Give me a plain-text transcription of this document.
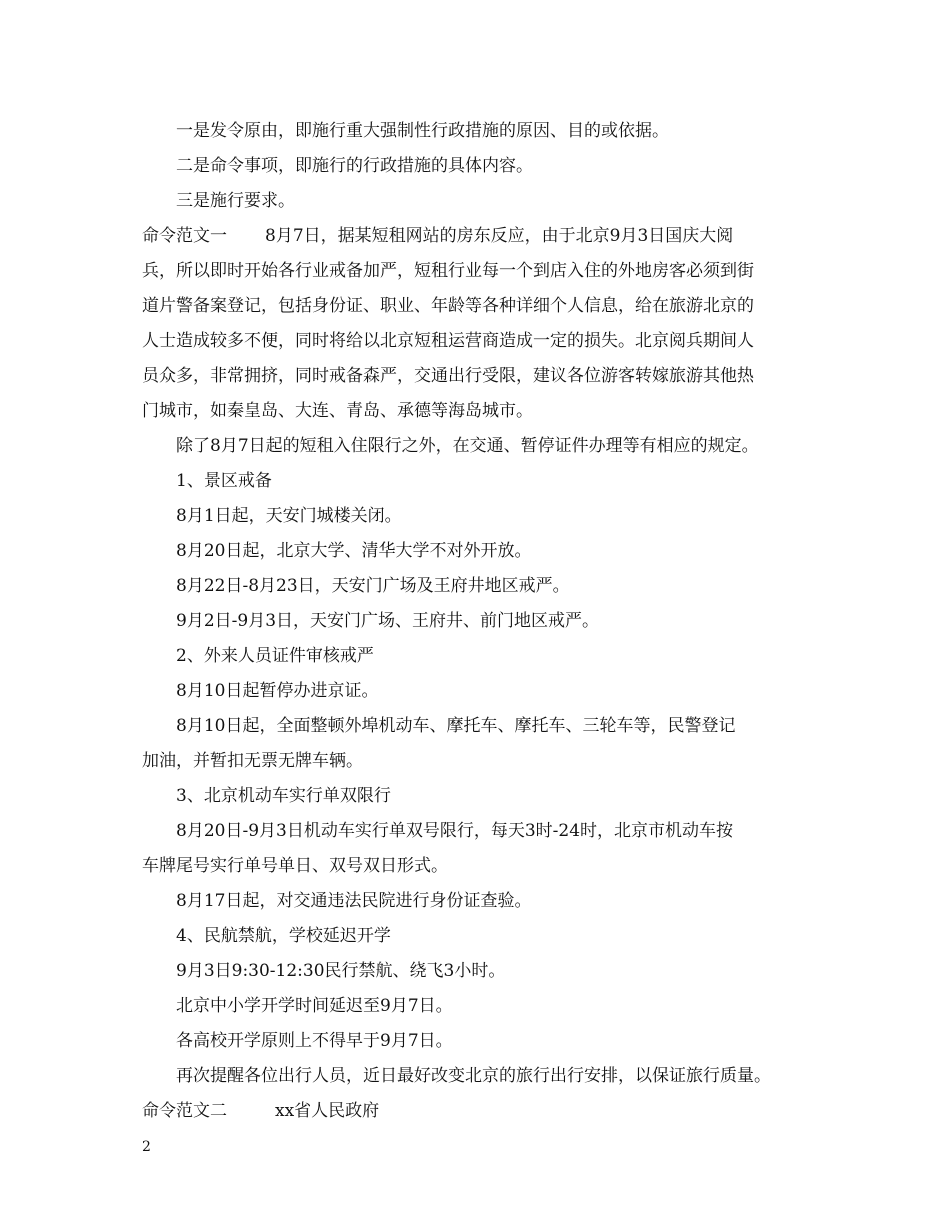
一是发令原由，即施行重大强制性行政措施的原因、目的或依据。
二是命令事项，即施行的行政措施的具体内容。
三是施行要求。
命令范文一 8月7日，据某短租网站的房东反应，由于北京9月3日国庆大阅
兵，所以即时开始各行业戒备加严，短租行业每一个到店入住的外地房客必须到街
道片警备案登记，包括身份证、职业、年龄等各种详细个人信息，给在旅游北京的
人士造成较多不便，同时将给以北京短租运营商造成一定的损失。北京阅兵期间人
员众多，非常拥挤，同时戒备森严，交通出行受限，建议各位游客转嫁旅游其他热
门城市，如秦皇岛、大连、青岛、承德等海岛城市。
除了8月7日起的短租入住限行之外，在交通、暂停证件办理等有相应的规定。
1、景区戒备
8月1日起，天安门城楼关闭。
8月20日起，北京大学、清华大学不对外开放。
8月22日-8月23日，天安门广场及王府井地区戒严。
9月2日-9月3日，天安门广场、王府井、前门地区戒严。
2、外来人员证件审核戒严
8月10日起暂停办进京证。
8月10日起，全面整顿外埠机动车、摩托车、摩托车、三轮车等，民警登记
加油，并暂扣无票无牌车辆。
3、北京机动车实行单双限行
8月20日-9月3日机动车实行单双号限行，每天3时-24时，北京市机动车按
车牌尾号实行单号单日、双号双日形式。
8月17日起，对交通违法民院进行身份证查验。
4、民航禁航，学校延迟开学
9月3日9:30-12:30民行禁航、绕飞3小时。
北京中小学开学时间延迟至9月7日。
各高校开学原则上不得早于9月7日。
再次提醒各位出行人员，近日最好改变北京的旅行出行安排，以保证旅行质量。
命令范文二	xx省人民政府
2
